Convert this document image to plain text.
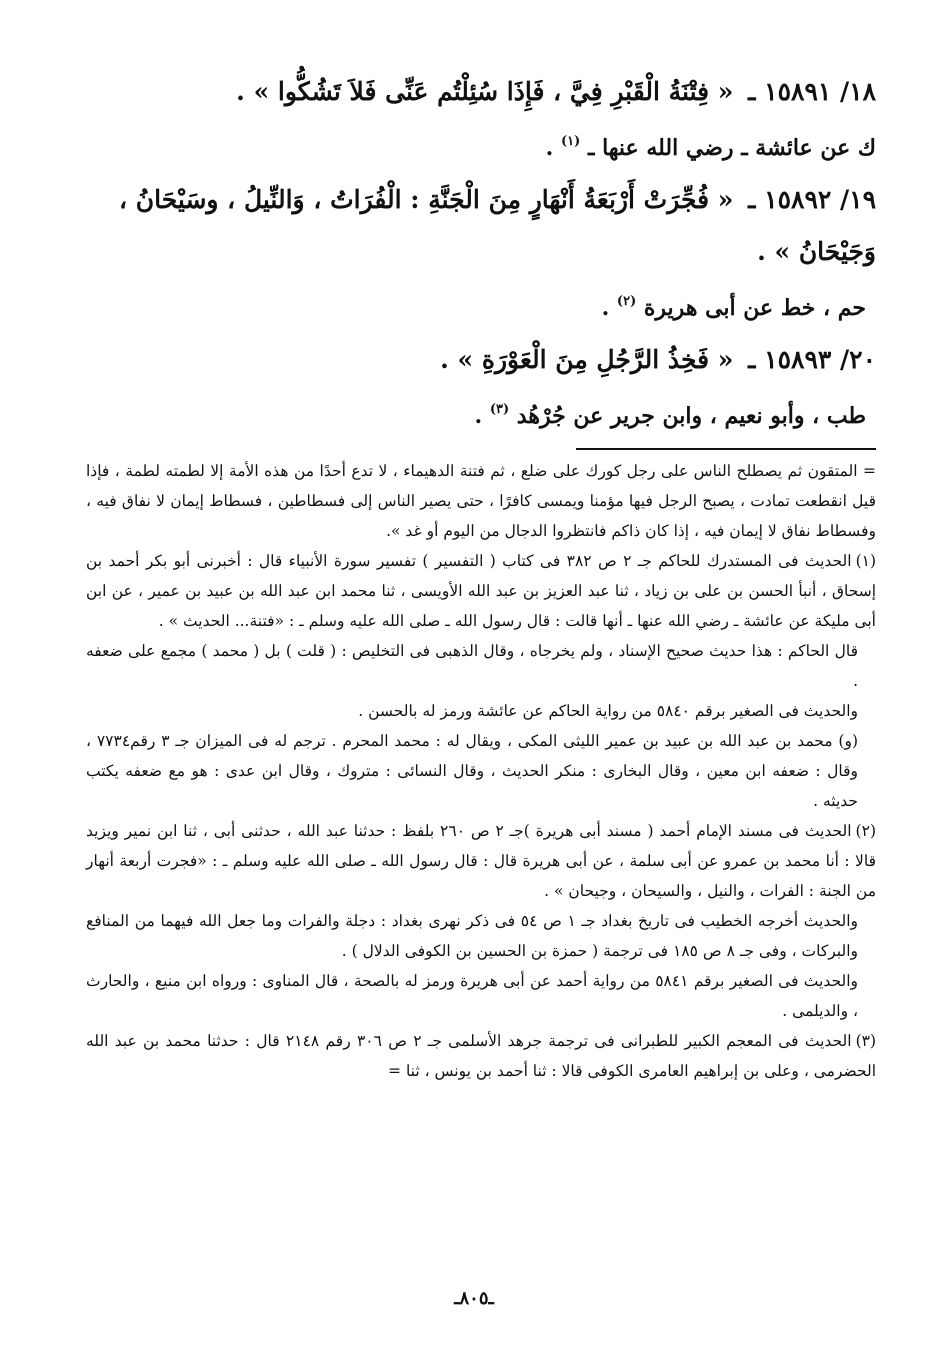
١٨/ ١٥٨٩١ ـ « فِتْنَةُ الْقَبْرِ فِيَّ ، فَإِذَا سُئِلْتُم عَنِّى فَلاَ تَشُكُّوا » .

ك عن عائشة ـ رضي الله عنها ـ $^{(١)}$ .

١٩/ ١٥٨٩٢ ـ « فُجِّرَتْ أَرْبَعَةُ أَنْهَارٍ مِنَ الْجَنَّةِ : الْفُرَاتُ ، وَالنِّيلُ ، وسَيْحَانُ ، وَجَيْحَانُ » .

حم ، خط عن أبى هريرة $^{(٢)}$ .

٢٠/ ١٥٨٩٣ ـ « فَخِذُ الرَّجُلِ مِنَ الْعَوْرَةِ » .

طب ، وأبو نعيم ، وابن جرير عن جُرْهُد $^{(٣)}$ .

= المتقون ثم يصطلح الناس على رجل كورك على ضلع ، ثم فتنة الدهيماء ، لا تدع أحدًا من هذه الأمة إلا لطمته لطمة ، فإذا قيل انقطعت تمادت ، يصبح الرجل فيها مؤمنا ويمسى كافرًا ، حتى يصير الناس إلى فسطاطين ، فسطاط إيمان لا نفاق فيه ، وفسطاط نفاق لا إيمان فيه ، إذا كان ذاكم فانتظروا الدجال من اليوم أو غد ».

(١)الحديث فى المستدرك للحاكم جـ ٢ ص ٣٨٢ فى كتاب ( التفسير ) تفسير سورة الأنبياء قال : أخبرنى أبو بكر أحمد بن إسحاق ، أنبأ الحسن بن على بن زياد ، ثنا عبد العزيز بن عبد الله الأويسى ، ثنا محمد ابن عبد الله بن عبيد بن عمير ، عن ابن أبى مليكة عن عائشة ـ رضي الله عنها ـ أنها قالت : قال رسول الله ـ صلى الله عليه وسلم ـ : «فتنة... الحديث » .

قال الحاكم : هذا حديث صحيح الإسناد ، ولم يخرجاه ، وقال الذهبى فى التخليص : ( قلت ) بل ( محمد ) مجمع على ضعفه .

والحديث فى الصغير برقم ٥٨٤٠ من رواية الحاكم عن عائشة ورمز له بالحسن .

(و) محمد بن عبد الله بن عبيد بن عمير الليثى المكى ، ويقال له : محمد المحرم . ترجم له فى الميزان جـ ٣ رقم٧٧٣٤ ، وقال : ضعفه ابن معين ، وقال البخارى : منكر الحديث ، وقال النسائى : متروك ، وقال ابن عدى : هو مع ضعفه يكتب حديثه .

(٢)الحديث فى مسند الإمام أحمد ( مسند أبى هريرة )جـ ٢ ص ٢٦٠ بلفظ : حدثنا عبد الله ، حدثنى أبى ، ثنا ابن نمير ويزيد قالا : أنا محمد بن عمرو عن أبى سلمة ، عن أبى هريرة قال : قال رسول الله ـ صلى الله عليه وسلم ـ : «فجرت أربعة أنهار من الجنة : الفرات ، والنيل ، والسيحان ، وجيحان » .

والحديث أخرجه الخطيب فى تاريخ بغداد جـ ١ ص ٥٤ فى ذكر نهرى بغداد : دجلة والفرات وما جعل الله فيهما من المنافع والبركات ، وفى جـ ٨ ص ١٨٥ فى ترجمة ( حمزة بن الحسين بن الكوفى الدلال ) .

والحديث فى الصغير برقم ٥٨٤١ من رواية أحمد عن أبى هريرة ورمز له بالصحة ، قال المناوى : ورواه ابن منيع ، والحارث ، والديلمى .

(٣)الحديث فى المعجم الكبير للطبرانى فى ترجمة جرهد الأسلمى جـ ٢ ص ٣٠٦ رقم ٢١٤٨ قال : حدثنا محمد بن عبد الله الحضرمى ، وعلى بن إبراهيم العامرى الكوفى قالا : ثنا أحمد بن يونس ، ثنا =

ـ٨٠٥ـ
